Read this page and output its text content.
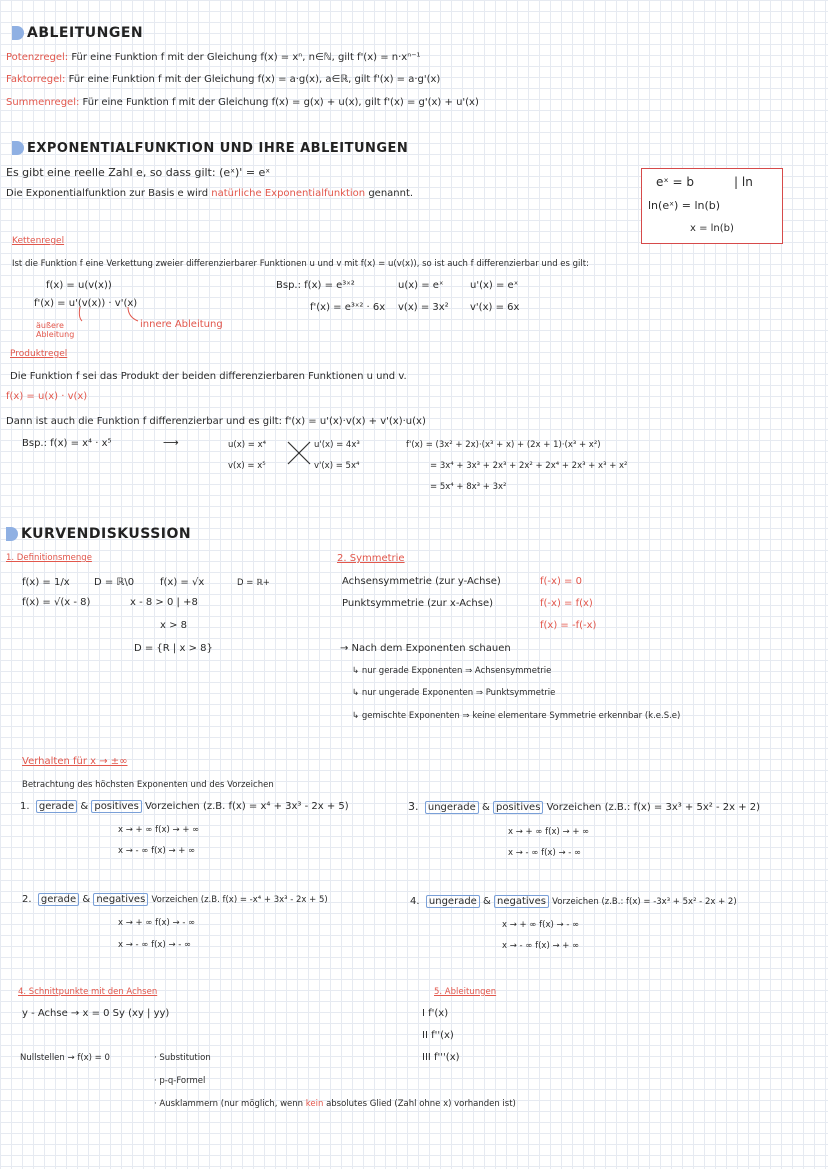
ABLEITUNGEN
Potenzregel: Für eine Funktion f mit der Gleichung f(x) = xⁿ, n∈ℕ, gilt f'(x) = n·xⁿ⁻¹
Faktorregel: Für eine Funktion f mit der Gleichung f(x) = a·g(x), a∈ℝ, gilt f'(x) = a·g'(x)
Summenregel: Für eine Funktion f mit der Gleichung f(x) = g(x) + u(x), gilt f'(x) = g'(x) + u'(x)
EXPONENTIALFUNKTION UND IHRE ABLEITUNGEN
Es gibt eine reelle Zahl e, so dass gilt: (eˣ)' = eˣ
Die Exponentialfunktion zur Basis e wird natürliche Exponentialfunktion genannt.
eˣ = b	| ln
ln(eˣ) = ln(b)
x = ln(b)
Kettenregel
Ist die Funktion f eine Verkettung zweier differenzierbarer Funktionen u und v mit f(x) = u(v(x)), so ist auch f differenzierbar und es gilt:
f(x) = u(v(x))
f'(x) = u'(v(x)) · v'(x)
äußere Ableitung
innere Ableitung
Bsp.: f(x) = e³ˣ²
f'(x) = e³ˣ² · 6x
u(x) = eˣ	u'(x) = eˣ
v(x) = 3x² v'(x) = 6x
Produktregel
Die Funktion f sei das Produkt der beiden differenzierbaren Funktionen u und v.
f(x) = u(x) · v(x)
Dann ist auch die Funktion f differenzierbar und es gilt: f'(x) = u'(x)·v(x) + v'(x)·u(x)
Bsp.: f(x) = x⁴ · x⁵	⟶	u(x) = x⁴
v(x) = x⁵
u'(x) = 4x³
v'(x) = 5x⁴
f'(x) = (3x² + 2x)·(x³ + x) + (2x + 1)·(x³ + x²)
= 3x⁴ + 3x³ + 2x³ + 2x² + 2x⁴ + 2x³ + x³ + x²
= 5x⁴ + 8x³ + 3x²
KURVENDISKUSSION
1. Definitionsmenge
f(x) = 1/x D = ℝ\0	f(x) = √x	D = ℝ+
f(x) = √(x - 8)	x - 8 > 0 | +8
x > 8
D = {R | x > 8}
2. Symmetrie
Achsensymmetrie (zur y-Achse)	f(-x) = 0
Punktsymmetrie (zur x-Achse)	f(-x) = f(x)
f(x) = -f(-x)
→ Nach dem Exponenten schauen
↳ nur gerade Exponenten ⇒ Achsensymmetrie
↳ nur ungerade Exponenten ⇒ Punktsymmetrie
↳ gemischte Exponenten ⇒ keine elementare Symmetrie erkennbar (k.e.S.e)
Verhalten für x → ±∞
Betrachtung des höchsten Exponenten und des Vorzeichen
1. gerade & positives Vorzeichen (z.B. f(x) = x⁴ + 3x³ - 2x + 5)
x → + ∞ f(x) → + ∞
x → - ∞ f(x) → + ∞
3. ungerade & positives Vorzeichen (z.B.: f(x) = 3x³ + 5x² - 2x + 2)
x → + ∞ f(x) → + ∞
x → - ∞ f(x) → - ∞
2. gerade & negatives Vorzeichen (z.B. f(x) = -x⁴ + 3x³ - 2x + 5)
x → + ∞ f(x) → - ∞
x → - ∞ f(x) → - ∞
4. ungerade & negatives Vorzeichen (z.B.: f(x) = -3x³ + 5x² - 2x + 2)
x → + ∞ f(x) → - ∞
x → - ∞ f(x) → + ∞
4. Schnittpunkte mit den Achsen
y - Achse → x = 0 Sy (xy | yy)
Nullstellen → f(x) = 0	· Substitution
· p-q-Formel
· Ausklammern (nur möglich, wenn kein absolutes Glied (Zahl ohne x) vorhanden ist)
5. Ableitungen
I f'(x)
II f''(x)
III f'''(x)
